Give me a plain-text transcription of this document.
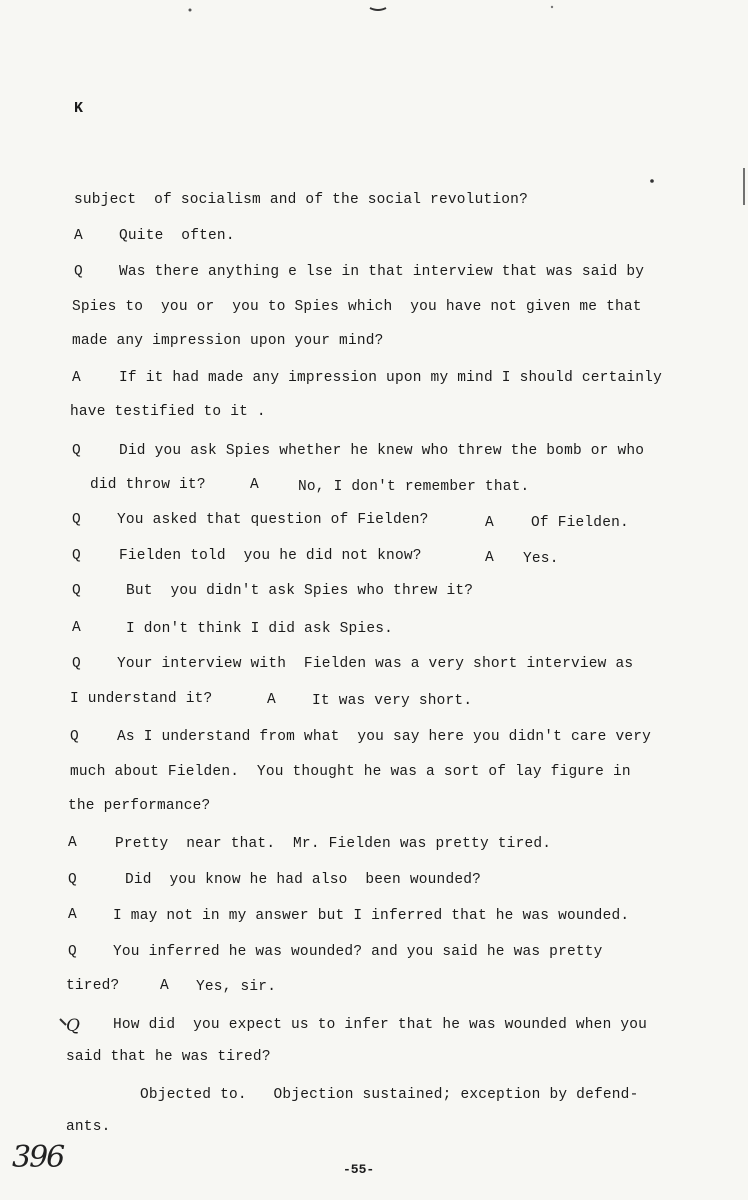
K
subject  of socialism and of the social revolution?
A	Quite  often.
Q	Was there anything e lse in that interview that was said by
Spies to  you or  you to Spies which  you have not given me that
made any impression upon your mind?
A	If it had made any impression upon my mind I should certainly
have testified to it .
Q	Did you ask Spies whether he knew who threw the bomb or who
did throw it?	A	No, I don't remember that.
Q	You asked that question of Fielden?	A	Of Fielden.
Q	Fielden told  you he did not know?	A Yes.
Q	But  you didn't ask Spies who threw it?
A	I don't think I did ask Spies.
Q	Your interview with  Fielden was a very short interview as
I understand it?	A	It was very short.
Q	As I understand from what  you say here you didn't care very
much about Fielden.  You thought he was a sort of lay figure in
the performance?
A	Pretty  near that.  Mr. Fielden was pretty tired.
Q	Did  you know he had also  been wounded?
A	I may not in my answer but I inferred that he was wounded.
Q	You inferred he was wounded? and you said he was pretty
tired?	A Yes, sir.
Q How did  you expect us to infer that he was wounded when you
said that he was tired?
Objected to.   Objection sustained; exception by defend-
ants.
396	-55-
